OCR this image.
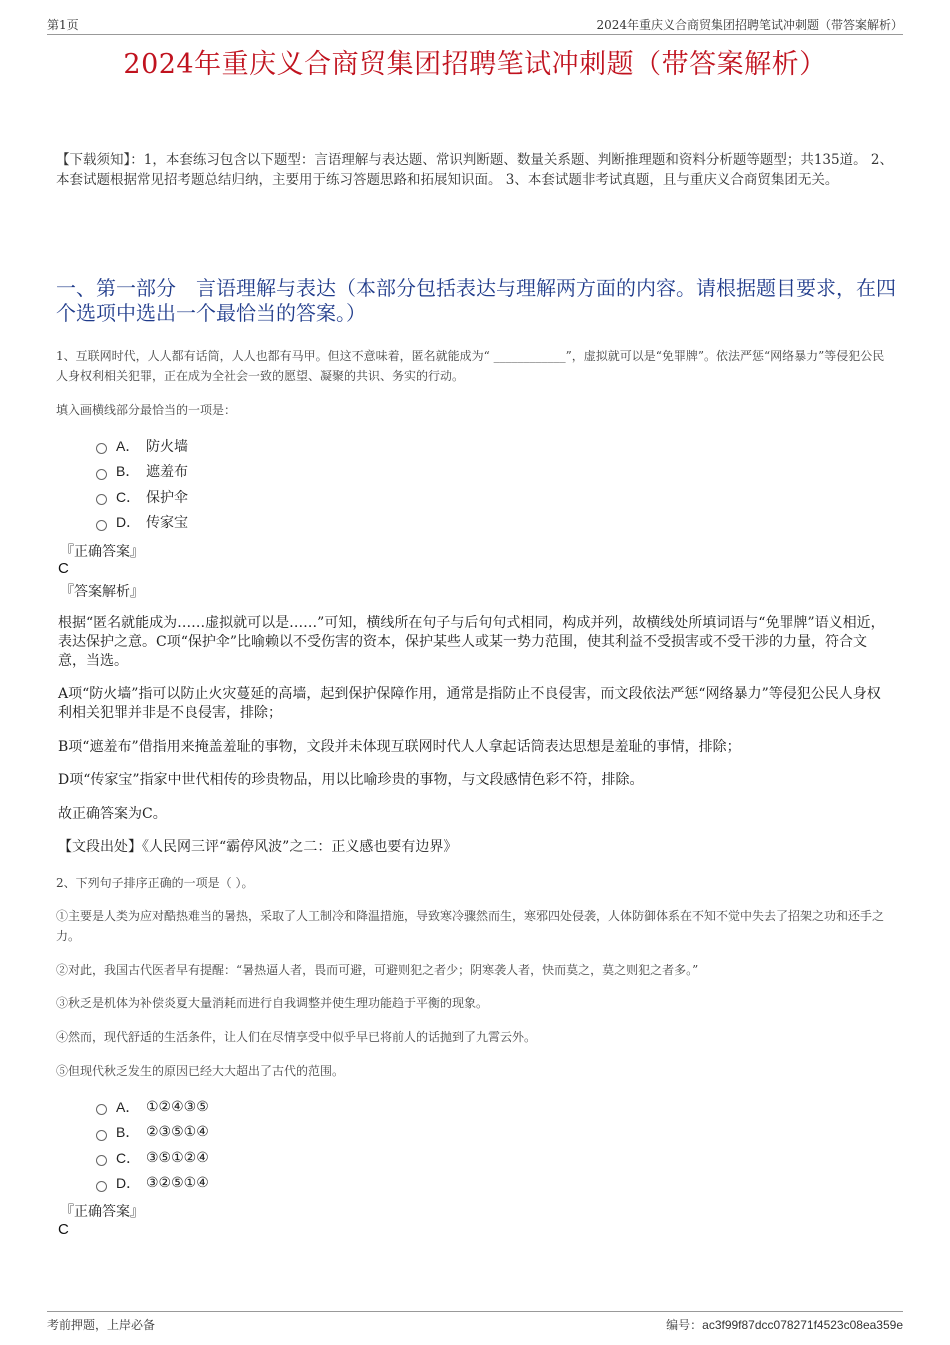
第1页	2024年重庆义合商贸集团招聘笔试冲刺题（带答案解析）
2024年重庆义合商贸集团招聘笔试冲刺题（带答案解析）
【下载须知】：1，本套练习包含以下题型：言语理解与表达题、常识判断题、数量关系题、判断推理题和资料分析题等题型；共135道。 2、本套试题根据常见招考题总结归纳，主要用于练习答题思路和拓展知识面。 3、本套试题非考试真题，且与重庆义合商贸集团无关。
一、第一部分　言语理解与表达（本部分包括表达与理解两方面的内容。请根据题目要求，在四个选项中选出一个最恰当的答案。）
1、互联网时代，人人都有话筒，人人也都有马甲。但这不意味着，匿名就能成为“ ____________”，虚拟就可以是“免罪牌”。依法严惩“网络暴力”等侵犯公民人身权利相关犯罪，正在成为全社会一致的愿望、凝聚的共识、务实的行动。
填入画横线部分最恰当的一项是：
A． 防火墙
B． 遮羞布
C． 保护伞
D． 传家宝
『正确答案』
C
『答案解析』
根据“匿名就能成为……虚拟就可以是……”可知，横线所在句子与后句句式相同，构成并列，故横线处所填词语与“免罪牌”语义相近，表达保护之意。C项“保护伞”比喻赖以不受伤害的资本，保护某些人或某一势力范围，使其利益不受损害或不受干涉的力量，符合文意，当选。
A项“防火墙”指可以防止火灾蔓延的高墙，起到保护保障作用，通常是指防止不良侵害，而文段依法严惩“网络暴力”等侵犯公民人身权利相关犯罪并非是不良侵害，排除；
B项“遮羞布”借指用来掩盖羞耻的事物，文段并未体现互联网时代人人拿起话筒表达思想是羞耻的事情，排除；
D项“传家宝”指家中世代相传的珍贵物品，用以比喻珍贵的事物，与文段感情色彩不符，排除。
故正确答案为C。
【文段出处】《人民网三评“霸停风波”之二：正义感也要有边界》
2、下列句子排序正确的一项是（ ）。
①主要是人类为应对酷热难当的暑热，采取了人工制冷和降温措施，导致寒冷骤然而生，寒邪四处侵袭，人体防御体系在不知不觉中失去了招架之功和还手之力。
②对此，我国古代医者早有提醒：“暑热逼人者，畏而可避，可避则犯之者少；阴寒袭人者，快而莫之，莫之则犯之者多。”
③秋乏是机体为补偿炎夏大量消耗而进行自我调整并使生理功能趋于平衡的现象。
④然而，现代舒适的生活条件，让人们在尽情享受中似乎早已将前人的话抛到了九霄云外。
⑤但现代秋乏发生的原因已经大大超出了古代的范围。
A． ①②④③⑤
B． ②③⑤①④
C． ③⑤①②④
D． ③②⑤①④
『正确答案』
C
考前押题，上岸必备	编号：ac3f99f87dcc078271f4523c08ea359e
